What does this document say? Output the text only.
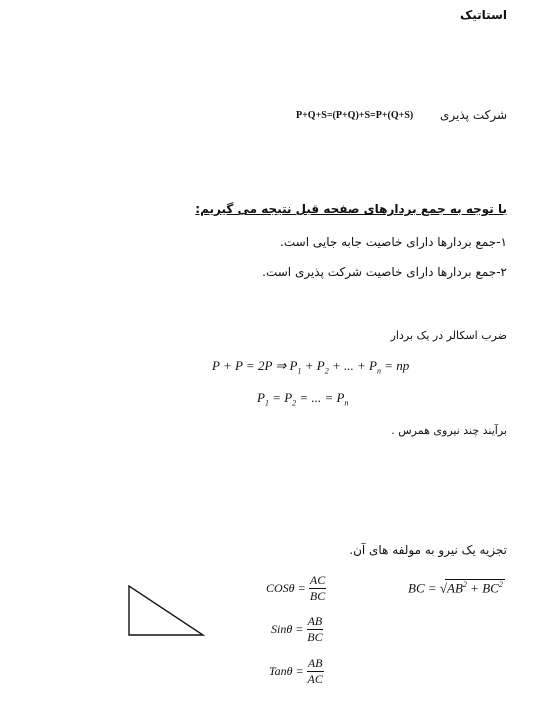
استاتیک
شرکت پذیری
P+Q+S=(P+Q)+S=P+(Q+S)
با توجه به جمع بردارهای صفحه قبل نتیجه می گیریم:
۱-جمع بردارها دارای خاصیت جابه جایی است.
۲-جمع بردارها دارای خاصیت شرکت پذیری است.
ضرب اسکالر در یک بردار
P + P = 2P ⇒ $P_1 + P_2$ + ... + $P_n$ = np
$P_1 = P_2$ = ... = $P_n$
برآیند چند نیروی همرس .
تجزیه یک نیرو به مولفه های آن.
$COS\theta = \frac{AC}{BC}$
$Sin\theta = \frac{AB}{BC}$
$Tan\theta = \frac{AB}{AC}$
BC = $√AB^2 + BC^2$
